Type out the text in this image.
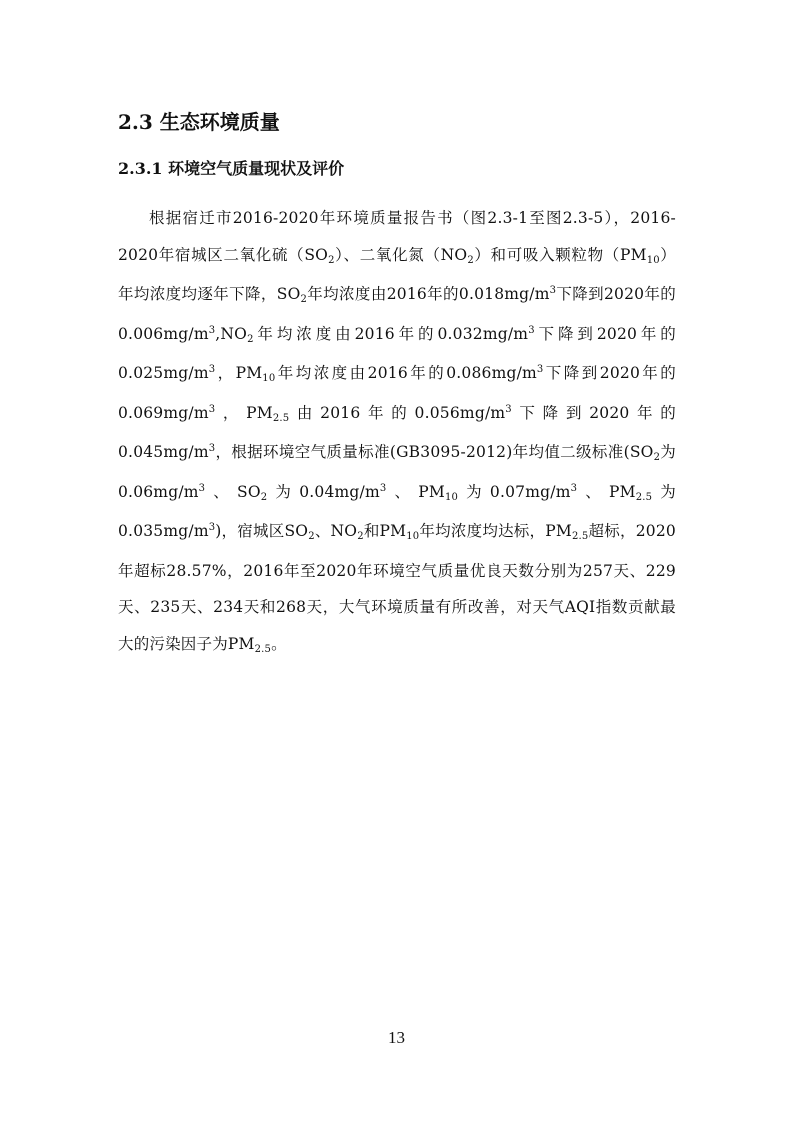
2.3 生态环境质量
2.3.1 环境空气质量现状及评价

根据宿迁市2016-2020年环境质量报告书（图2.3-1至图2.3-5），2016-2020年宿城区二氧化硫$(SO_2)$、二氧化氮$(NO_2)$和可吸入颗粒物$(PM_{10})$年均浓度均逐年下降，$SO_2$年均浓度由2016年的$0.018mg/m^3$下降到2020年的$0.006mg/m^3,NO_2$年均浓度由2016年的$0.032mg/m^3$下降到2020年的$0.025mg/m^3$，$PM_{10}$年均浓度由2016年的$0.086mg/m^3$下降到2020年的$0.069mg/m^3$，$PM_{2.5}$由2016年的$0.056mg/m^3$下降到2020年的$0.045mg/m^3$，根据环境空气质量标准(GB3095-2012)年均值二级标准($SO_2$为$0.06mg/m^3$、$SO_2$为$0.04mg/m^3$、$PM_{10}$为$0.07mg/m^3$、$PM_{2.5}$为$0.035mg/m^3$)，宿城区$SO_2$、$NO_2$和$PM_{10}$年均浓度均达标，$PM_{2.5}$超标，2020年超标28.57%，2016年至2020年环境空气质量优良天数分别为257天、229天、235天、234天和268天，大气环境质量有所改善，对天气AQI指数贡献最大的污染因子为$PM_{2.5}$。

13
